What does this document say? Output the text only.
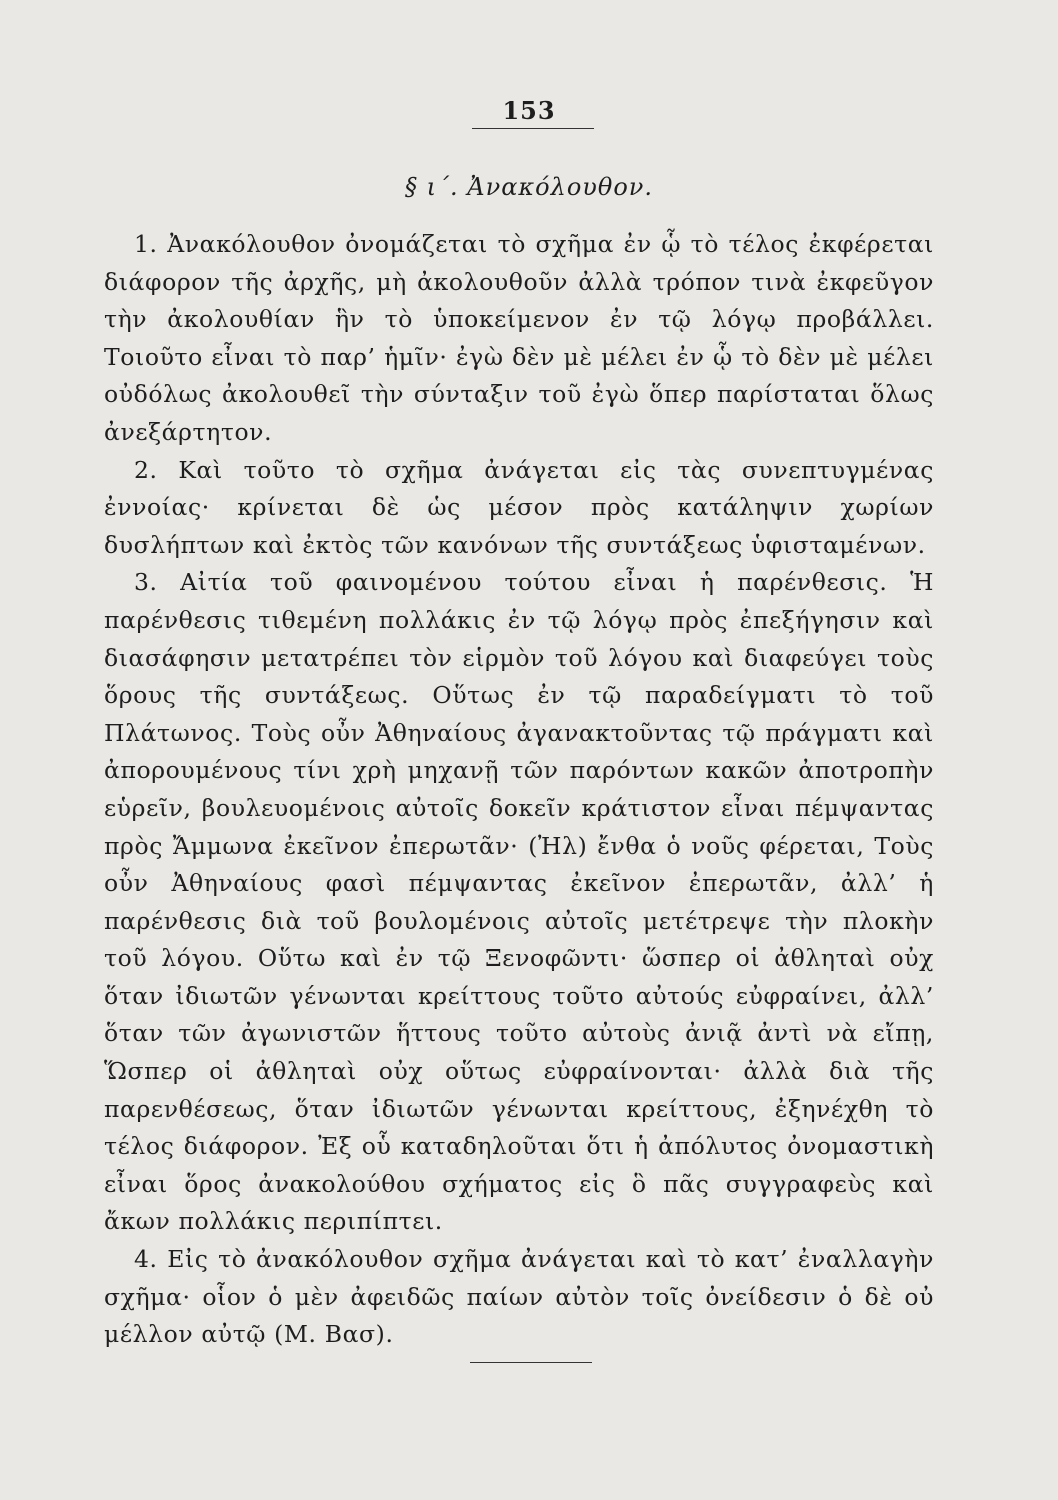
153
§ ι΄. Ἀνακόλουθον.

1. Ἀνακόλουθον ὀνομάζεται τὸ σχῆμα ἐν ᾧ τὸ τέλος ἐκφέρεται διάφορον τῆς ἀρχῆς, μὴ ἀκολουθοῦν ἀλλὰ τρόπον τινὰ ἐκφεῦγον τὴν ἀκολουθίαν ἣν τὸ ὑποκείμενον ἐν τῷ λόγῳ προβάλλει. Τοιοῦτο εἶναι τὸ παρ’ ἡμῖν· ἐγὼ δὲν μὲ μέλει ἐν ᾧ τὸ δὲν μὲ μέλει οὐδόλως ἀκολουθεῖ τὴν σύνταξιν τοῦ ἐγὼ ὅπερ παρίσταται ὅλως ἀνεξάρτητον.

2. Καὶ τοῦτο τὸ σχῆμα ἀνάγεται εἰς τὰς συνεπτυγμένας ἐννοίας· κρίνεται δὲ ὡς μέσον πρὸς κατάληψιν χωρίων δυσλήπτων καὶ ἐκτὸς τῶν κανόνων τῆς συντάξεως ὑφισταμένων.

3. Αἰτία τοῦ φαινομένου τούτου εἶναι ἡ παρένθεσις. Ἡ παρένθεσις τιθεμένη πολλάκις ἐν τῷ λόγῳ πρὸς ἐπεξήγησιν καὶ διασάφησιν μετατρέπει τὸν εἱρμὸν τοῦ λόγου καὶ διαφεύγει τοὺς ὅρους τῆς συντάξεως. Οὕτως ἐν τῷ παραδείγματι τὸ τοῦ Πλάτωνος. Τοὺς οὖν Ἀθηναίους ἀγανακτοῦντας τῷ πράγματι καὶ ἀπορουμένους τίνι χρὴ μηχανῇ τῶν παρόντων κακῶν ἀποτροπὴν εὑρεῖν, βουλευομένοις αὐτοῖς δοκεῖν κράτιστον εἶναι πέμψαντας πρὸς Ἄμμωνα ἐκεῖνον ἐπερωτᾶν· (Ἠλ) ἔνθα ὁ νοῦς φέρεται, Τοὺς οὖν Ἀθηναίους φασὶ πέμψαντας ἐκεῖνον ἐπερωτᾶν, ἀλλ’ ἡ παρένθεσις διὰ τοῦ βουλομένοις αὐτοῖς μετέτρεψε τὴν πλοκὴν τοῦ λόγου. Οὕτω καὶ ἐν τῷ Ξενοφῶντι· ὥσπερ οἱ ἀθληταὶ οὐχ ὅταν ἰδιωτῶν γένωνται κρείττους τοῦτο αὐτούς εὐφραίνει, ἀλλ’ ὅταν τῶν ἀγωνιστῶν ἥττους τοῦτο αὐτοὺς ἀνιᾷ ἀντὶ νὰ εἴπῃ, Ὥσπερ οἱ ἀθληταὶ οὐχ οὕτως εὐφραίνονται· ἀλλὰ διὰ τῆς παρενθέσεως, ὅταν ἰδιωτῶν γένωνται κρείττους, ἐξηνέχθη τὸ τέλος διάφορον. Ἐξ οὗ καταδηλοῦται ὅτι ἡ ἀπόλυτος ὀνομαστικὴ εἶναι ὅρος ἀνακολούθου σχήματος εἰς ὃ πᾶς συγγραφεὺς καὶ ἄκων πολλάκις περιπίπτει.

4. Εἰς τὸ ἀνακόλουθον σχῆμα ἀνάγεται καὶ τὸ κατ’ ἐναλλαγὴν σχῆμα· οἷον ὁ μὲν ἀφειδῶς παίων αὐτὸν τοῖς ὀνείδεσιν ὁ δὲ οὐ μέλλον αὐτῷ (Μ. Βασ).
